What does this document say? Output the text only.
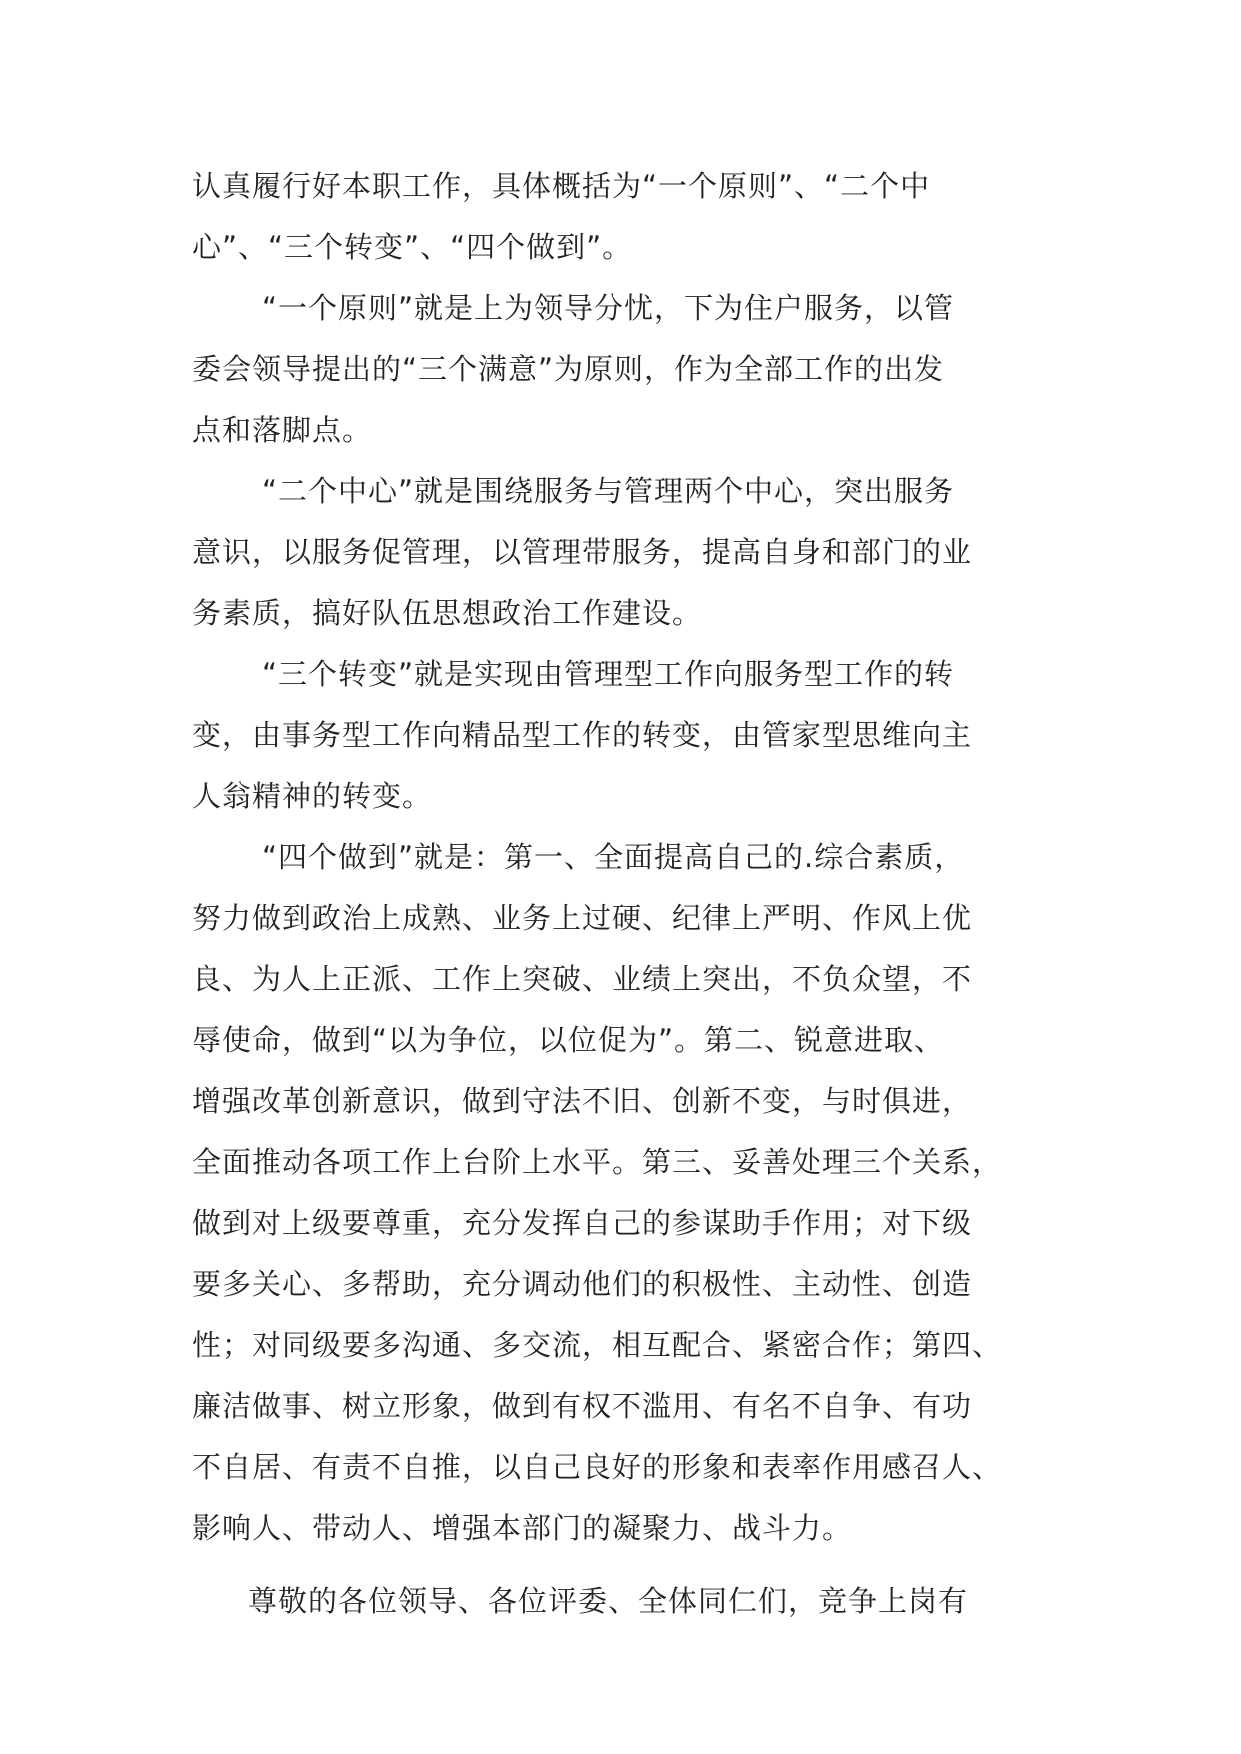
认真履行好本职工作，具体概括为“一个原则”、“二个中
心”、“三个转变”、“四个做到”。
“一个原则”就是上为领导分忧，下为住户服务，以管
委会领导提出的“三个满意”为原则，作为全部工作的出发
点和落脚点。
“二个中心”就是围绕服务与管理两个中心，突出服务
意识，以服务促管理，以管理带服务，提高自身和部门的业
务素质，搞好队伍思想政治工作建设。
“三个转变”就是实现由管理型工作向服务型工作的转
变，由事务型工作向精品型工作的转变，由管家型思维向主
人翁精神的转变。
“四个做到”就是：第一、全面提高自己的.综合素质，
努力做到政治上成熟、业务上过硬、纪律上严明、作风上优
良、为人上正派、工作上突破、业绩上突出，不负众望，不
辱使命，做到“以为争位，以位促为”。第二、锐意进取、
增强改革创新意识，做到守法不旧、创新不变，与时俱进，
全面推动各项工作上台阶上水平。第三、妥善处理三个关系，
做到对上级要尊重，充分发挥自己的参谋助手作用；对下级
要多关心、多帮助，充分调动他们的积极性、主动性、创造
性；对同级要多沟通、多交流，相互配合、紧密合作；第四、
廉洁做事、树立形象，做到有权不滥用、有名不自争、有功
不自居、有责不自推，以自己良好的形象和表率作用感召人、
影响人、带动人、增强本部门的凝聚力、战斗力。
尊敬的各位领导、各位评委、全体同仁们，竞争上岗有
